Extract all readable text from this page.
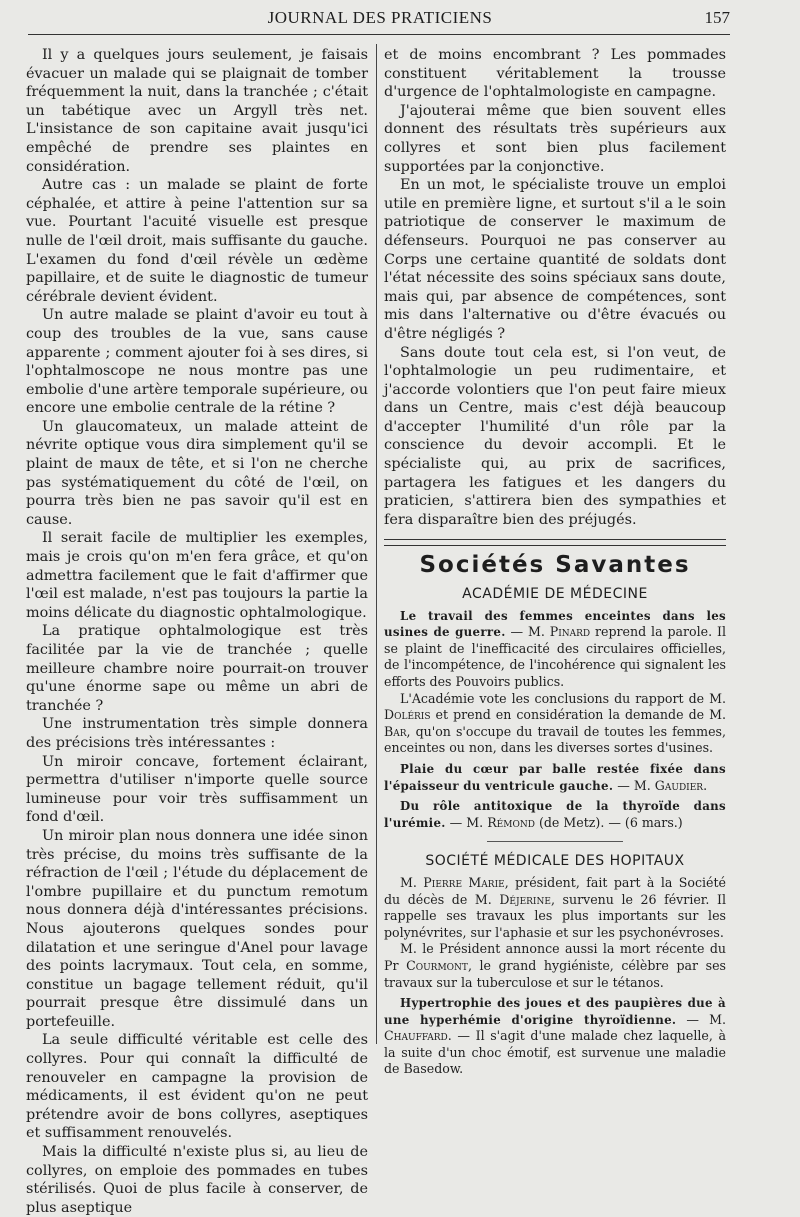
JOURNAL DES PRATICIENS	157

Il y a quelques jours seulement, je faisais évacuer un malade qui se plaignait de tomber fréquemment la nuit, dans la tranchée ; c'était un tabétique avec un Argyll très net. L'insistance de son capitaine avait jusqu'ici empêché de prendre ses plaintes en considération.

Autre cas : un malade se plaint de forte céphalée, et attire à peine l'attention sur sa vue. Pourtant l'acuité visuelle est presque nulle de l'œil droit, mais suffisante du gauche. L'examen du fond d'œil révèle un œdème papillaire, et de suite le diagnostic de tumeur cérébrale devient évident.

Un autre malade se plaint d'avoir eu tout à coup des troubles de la vue, sans cause apparente ; comment ajouter foi à ses dires, si l'ophtalmoscope ne nous montre pas une embolie d'une artère temporale supérieure, ou encore une embolie centrale de la rétine ?

Un glaucomateux, un malade atteint de névrite optique vous dira simplement qu'il se plaint de maux de tête, et si l'on ne cherche pas systématiquement du côté de l'œil, on pourra très bien ne pas savoir qu'il est en cause.

Il serait facile de multiplier les exemples, mais je crois qu'on m'en fera grâce, et qu'on admettra facilement que le fait d'affirmer que l'œil est malade, n'est pas toujours la partie la moins délicate du diagnostic ophtalmologique.

La pratique ophtalmologique est très facilitée par la vie de tranchée ; quelle meilleure chambre noire pourrait-on trouver qu'une énorme sape ou même un abri de tranchée ?

Une instrumentation très simple donnera des précisions très intéressantes :

Un miroir concave, fortement éclairant, permettra d'utiliser n'importe quelle source lumineuse pour voir très suffisamment un fond d'œil.

Un miroir plan nous donnera une idée sinon très précise, du moins très suffisante de la réfraction de l'œil ; l'étude du déplacement de l'ombre pupillaire et du punctum remotum nous donnera déjà d'intéressantes précisions. Nous ajouterons quelques sondes pour dilatation et une seringue d'Anel pour lavage des points lacrymaux. Tout cela, en somme, constitue un bagage tellement réduit, qu'il pourrait presque être dissimulé dans un portefeuille.

La seule difficulté véritable est celle des collyres. Pour qui connaît la difficulté de renouveler en campagne la provision de médicaments, il est évident qu'on ne peut prétendre avoir de bons collyres, aseptiques et suffisamment renouvelés.

Mais la difficulté n'existe plus si, au lieu de collyres, on emploie des pommades en tubes stérilisés. Quoi de plus facile à conserver, de plus aseptique

et de moins encombrant ? Les pommades constituent véritablement la trousse d'urgence de l'ophtalmologiste en campagne.

J'ajouterai même que bien souvent elles donnent des résultats très supérieurs aux collyres et sont bien plus facilement supportées par la conjonctive.

En un mot, le spécialiste trouve un emploi utile en première ligne, et surtout s'il a le soin patriotique de conserver le maximum de défenseurs. Pourquoi ne pas conserver au Corps une certaine quantité de soldats dont l'état nécessite des soins spéciaux sans doute, mais qui, par absence de compétences, sont mis dans l'alternative ou d'être évacués ou d'être négligés ?

Sans doute tout cela est, si l'on veut, de l'ophtalmologie un peu rudimentaire, et j'accorde volontiers que l'on peut faire mieux dans un Centre, mais c'est déjà beaucoup d'accepter l'humilité d'un rôle par la conscience du devoir accompli. Et le spécialiste qui, au prix de sacrifices, partagera les fatigues et les dangers du praticien, s'attirera bien des sympathies et fera disparaître bien des préjugés.

Sociétés Savantes
ACADÉMIE DE MÉDECINE

Le travail des femmes enceintes dans les usines de guerre. — M. Pinard reprend la parole. Il se plaint de l'inefficacité des circulaires officielles, de l'incompétence, de l'incohérence qui signalent les efforts des Pouvoirs publics.

L'Académie vote les conclusions du rapport de M. Doléris et prend en considération la demande de M. Bar, qu'on s'occupe du travail de toutes les femmes, enceintes ou non, dans les diverses sortes d'usines.

Plaie du cœur par balle restée fixée dans l'épaisseur du ventricule gauche. — M. Gaudier.

Du rôle antitoxique de la thyroïde dans l'urémie. — M. Rémond (de Metz). — (6 mars.)

SOCIÉTÉ MÉDICALE DES HOPITAUX

M. Pierre Marie, président, fait part à la Société du décès de M. Déjerine, survenu le 26 février. Il rappelle ses travaux les plus importants sur les polynévrites, sur l'aphasie et sur les psychonévroses.

M. le Président annonce aussi la mort récente du Pr Courmont, le grand hygiéniste, célèbre par ses travaux sur la tuberculose et sur le tétanos.

Hypertrophie des joues et des paupières due à une hyperhémie d'origine thyroïdienne. — M. Chauffard. — Il s'agit d'une malade chez laquelle, à la suite d'un choc émotif, est survenue une maladie de Basedow.
